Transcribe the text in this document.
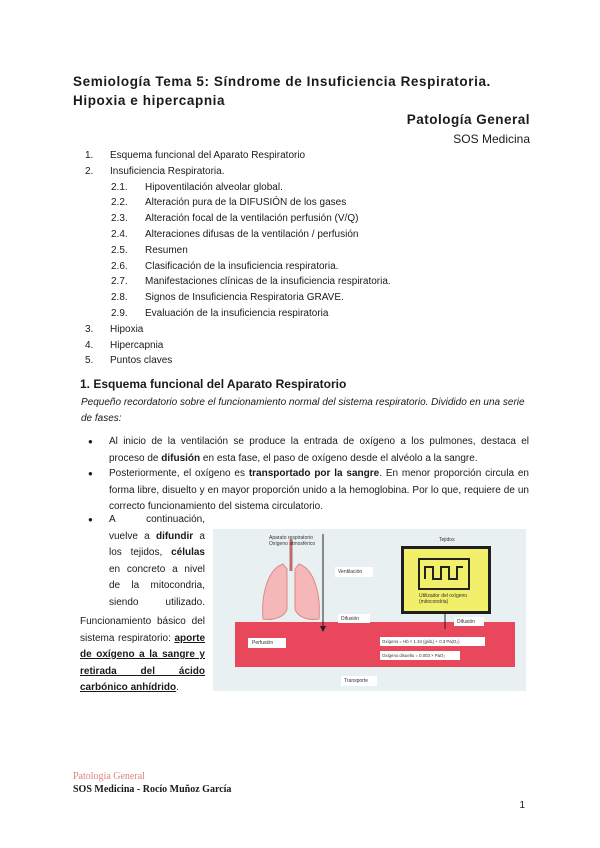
Semiología Tema 5: Síndrome de Insuficiencia Respiratoria. Hipoxia e hipercapnia
Patología General
SOS Medicina
1. Esquema funcional del Aparato Respiratorio
2. Insuficiencia Respiratoria.
2.1. Hipoventilación alveolar global.
2.2. Alteración pura de la DIFUSIÓN de los gases
2.3. Alteración focal de la ventilación perfusión (V/Q)
2.4. Alteraciones difusas de la ventilación / perfusión
2.5. Resumen
2.6. Clasificación de la insuficiencia respiratoria.
2.7. Manifestaciones clínicas de la insuficiencia respiratoria.
2.8. Signos de Insuficiencia Respiratoria GRAVE.
2.9. Evaluación de la insuficiencia respiratoria
3. Hipoxia
4. Hipercapnia
5. Puntos claves
1. Esquema funcional del Aparato Respiratorio
Pequeño recordatorio sobre el funcionamiento normal del sistema respiratorio. Dividido en una serie de fases:
● Al inicio de la ventilación se produce la entrada de oxígeno a los pulmones, destaca el proceso de difusión en esta fase, el paso de oxígeno desde el alvéolo a la sangre.
● Posteriormente, el oxígeno es transportado por la sangre. En menor proporción circula en forma libre, disuelto y en mayor proporción unido a la hemoglobina. Por lo que, requiere de un correcto funcionamiento del sistema circulatorio.
● A continuación, vuelve a difundir a los tejidos, células en concreto a nivel de la mitocondria, siendo utilizado.
Funcionamiento básico del sistema respiratorio: aporte de oxígeno a la sangre y retirada del ácido carbónico anhídrido.
Aparato respiratorio
Oxígeno atmosférico
Ventilación
Tejidos
Utilizador del oxígeno (mitocondria)
Difusión	Difusión
Perfusión	Oxígeno = Hb × 1.34 (g/dL) + 0.3 Pa(O₂)
Oxígeno disuelto = 0.003 × PaO₂
Transporte
Patología General
SOS Medicina - Rocío Muñoz García
1
